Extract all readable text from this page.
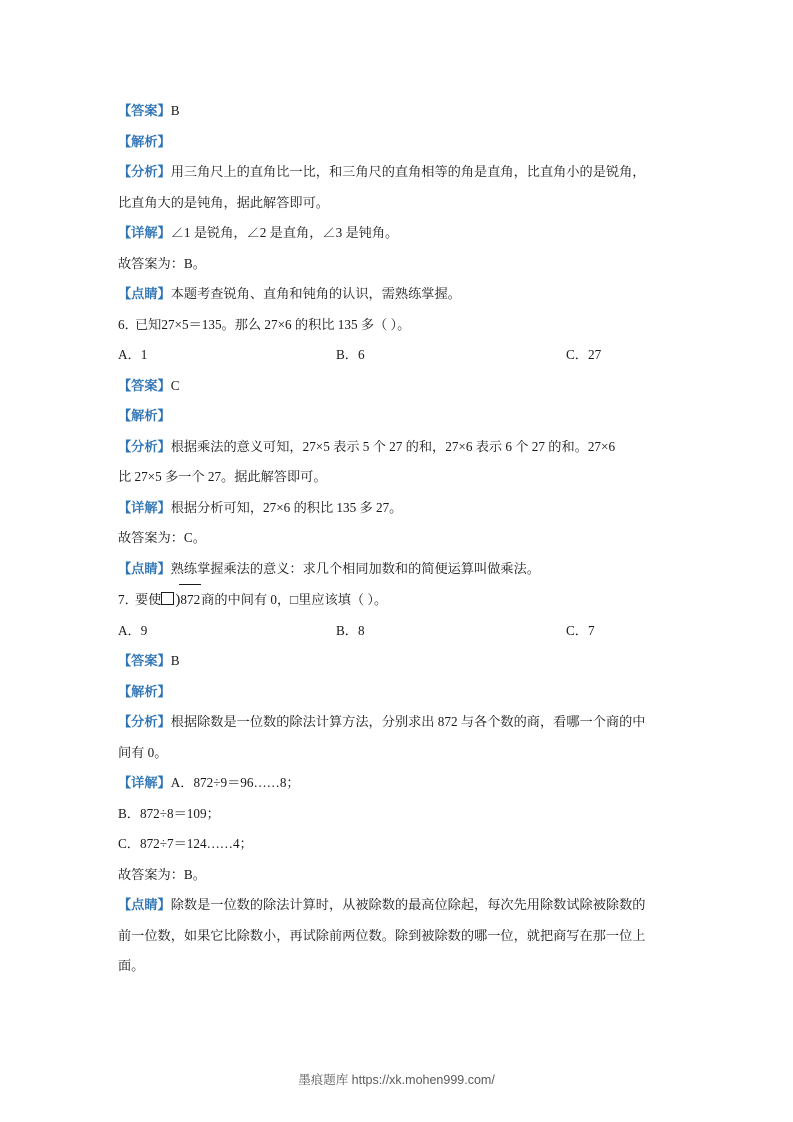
【答案】B

【解析】

【分析】用三角尺上的直角比一比，和三角尺的直角相等的角是直角，比直角小的是锐角，

比直角大的是钝角，据此解答即可。

【详解】∠1 是锐角，∠2 是直角，∠3 是钝角。

故答案为：B。

【点睛】本题考查锐角、直角和钝角的认识，需熟练掌握。

6．已知27×5＝135。那么 27×6 的积比 135 多（ ）。

A．1	B．6	C．27

【答案】C

【解析】

【分析】根据乘法的意义可知，27×5 表示 5 个 27 的和，27×6 表示 6 个 27 的和。27×6

比 27×5 多一个 27。据此解答即可。

【详解】根据分析可知，27×6 的积比 135 多 27。

故答案为：C。

【点睛】熟练掌握乘法的意义：求几个相同加数和的简便运算叫做乘法。

7．要使 )872商的中间有 0，□里应该填（ ）。

A．9	B．8	C．7

【答案】B

【解析】

【分析】根据除数是一位数的除法计算方法，分别求出 872 与各个数的商，看哪一个商的中

间有 0。

【详解】A．872÷9＝96……8；

B．872÷8＝109；

C．872÷7＝124……4；

故答案为：B。

【点睛】除数是一位数的除法计算时，从被除数的最高位除起，每次先用除数试除被除数的

前一位数，如果它比除数小，再试除前两位数。除到被除数的哪一位，就把商写在那一位上

面。

墨痕题库 https://xk.mohen999.com/
